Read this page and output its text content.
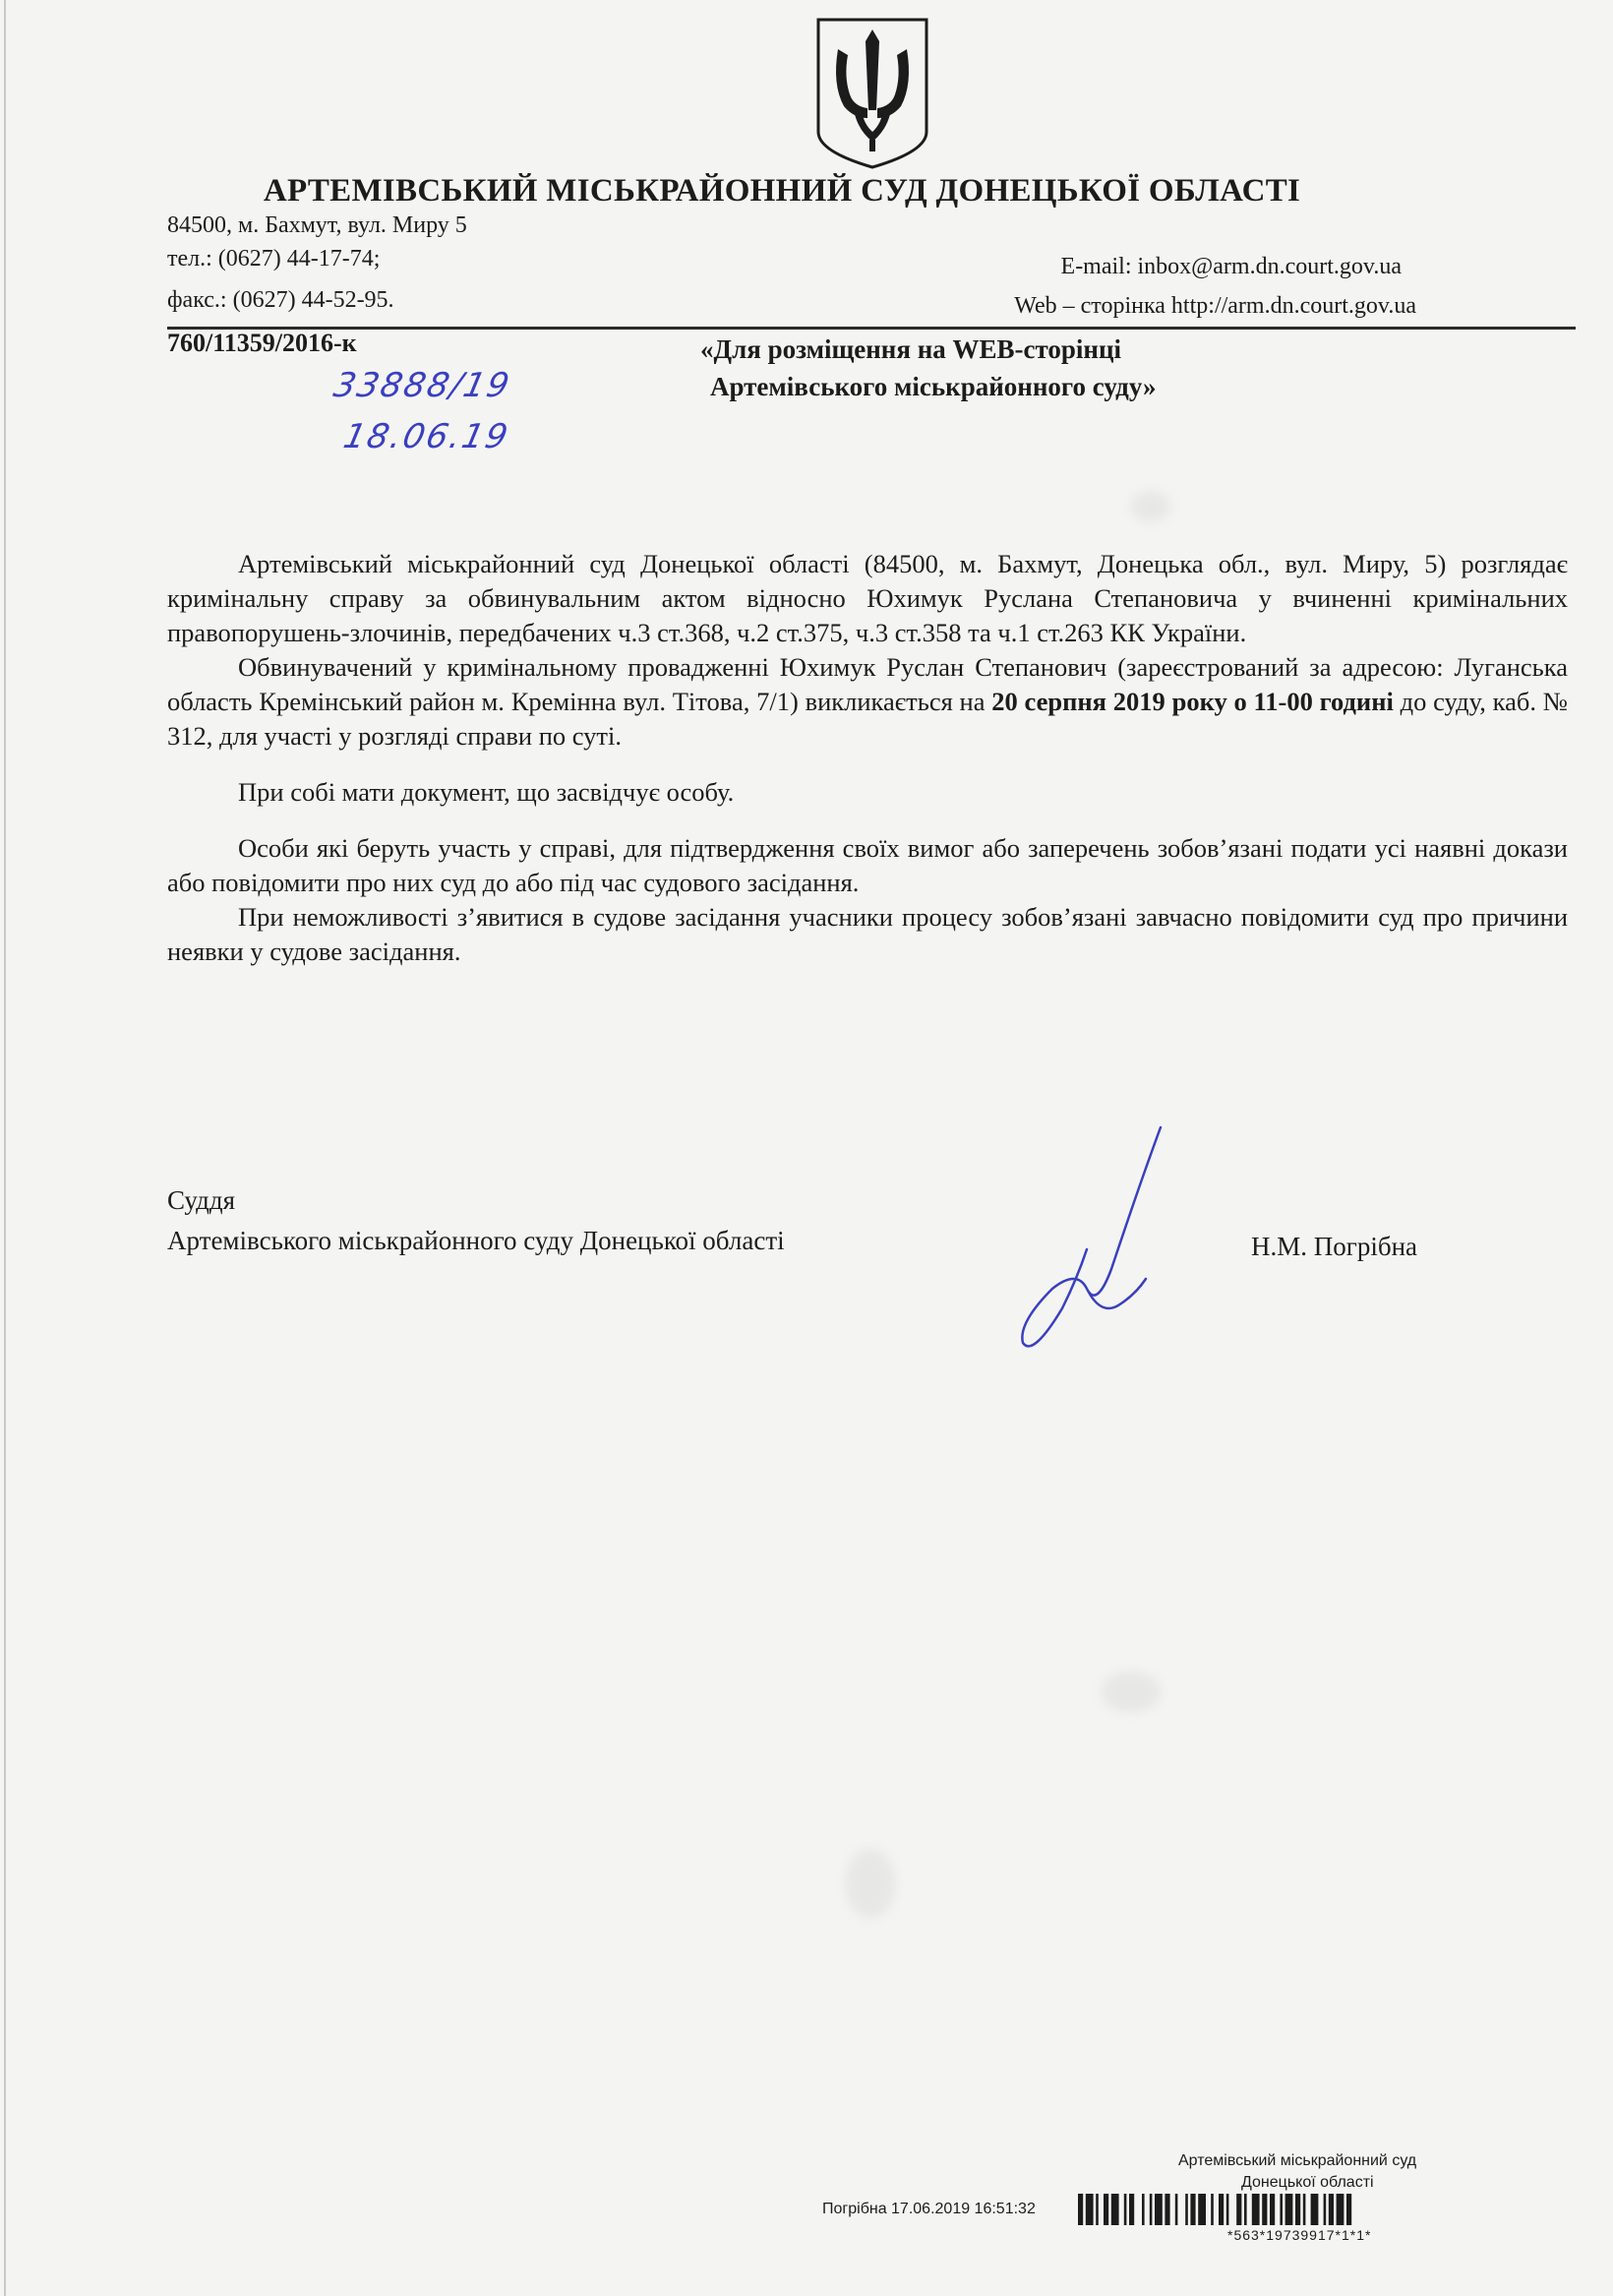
АРТЕМІВСЬКИЙ МІСЬКРАЙОННИЙ СУД ДОНЕЦЬКОЇ ОБЛАСТІ
84500, м. Бахмут, вул. Миру 5
тел.: (0627) 44-17-74;
факс.: (0627) 44-52-95.
E-mail: inbox@arm.dn.court.gov.ua
Web – сторінка http://arm.dn.court.gov.ua
760/11359/2016-к	«Для розміщення на WEB-сторінці
Артемівського міськрайонного суду»
33888/19
18.06.19

Артемівський міськрайонний суд Донецької області (84500, м. Бахмут, Донецька обл., вул. Миру, 5) розглядає кримінальну справу за обвинувальним актом відносно Юхимук Руслана Степановича у вчиненні кримінальних правопорушень-злочинів, передбачених ч.3 ст.368, ч.2 ст.375, ч.3 ст.358 та ч.1 ст.263 КК України.

Обвинувачений у кримінальному провадженні Юхимук Руслан Степанович (зареєстрований за адресою: Луганська область Кремінський район м. Кремінна вул. Тітова, 7/1) викликається на 20 серпня 2019 року о 11-00 годині до суду, каб. № 312, для участі у розгляді справи по суті.

При собі мати документ, що засвідчує особу.

Особи які беруть участь у справі, для підтвердження своїх вимог або заперечень зобов’язані подати усі наявні докази або повідомити про них суд до або під час судового засідання.

При неможливості з’явитися в судове засідання учасники процесу зобов’язані завчасно повідомити суд про причини неявки у судове засідання.

Суддя
Артемівського міськрайонного суду Донецької області	Н.М. Погрібна
Артемівський міськрайонний суд
Донецької області
Погрібна 17.06.2019 16:51:32
*563*19739917*1*1*
